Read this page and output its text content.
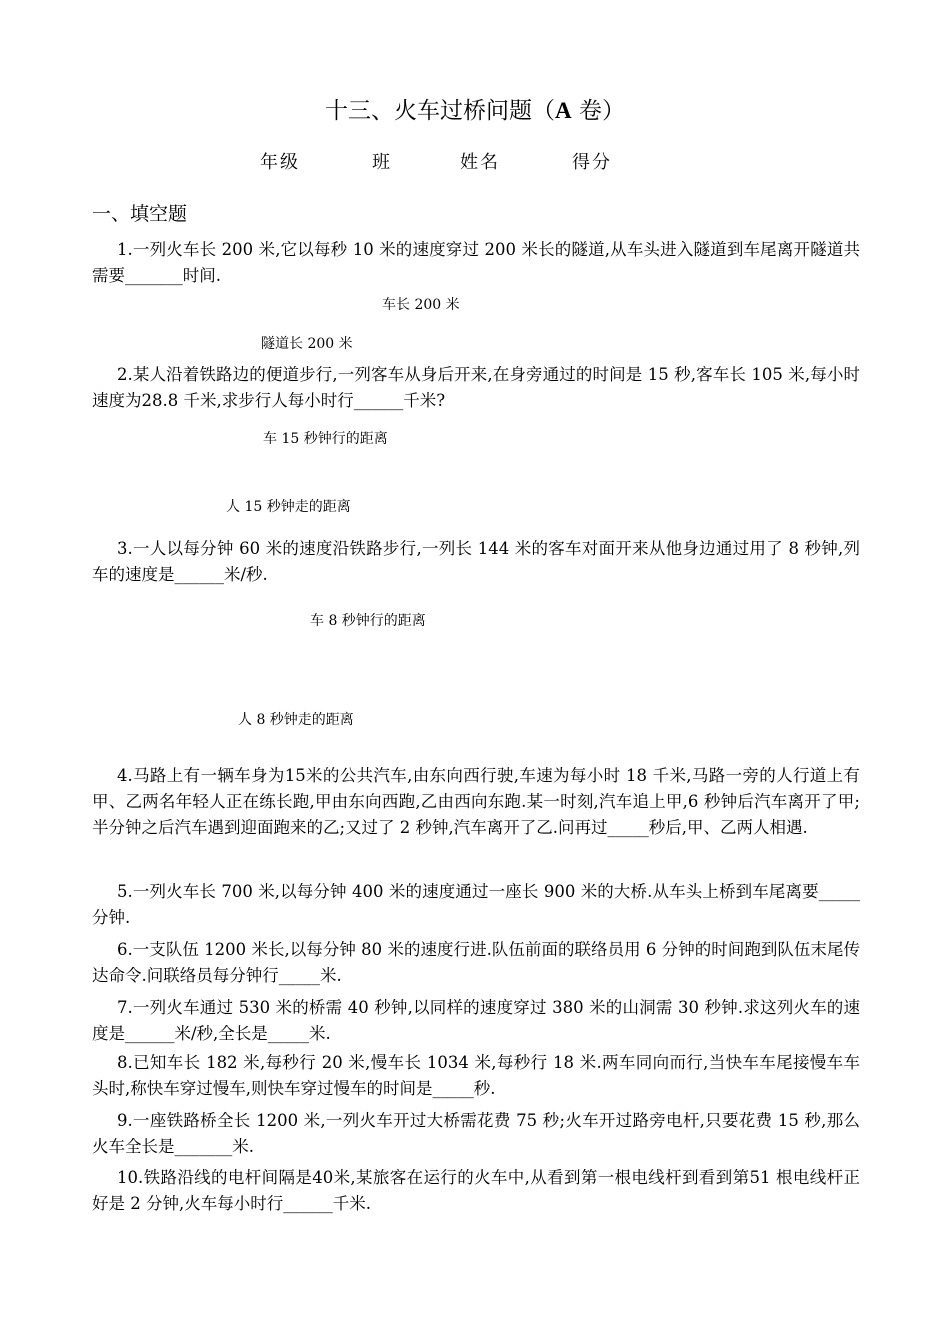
十三、火车过桥问题（A 卷）
年级	班	姓名	得分
一、填空题
1.一列火车长 200 米,它以每秒 10 米的速度穿过 200 米长的隧道,从车头进入隧道到车尾离开隧道共需要_______时间.
车长 200 米
隧道长 200 米
2.某人沿着铁路边的便道步行,一列客车从身后开来,在身旁通过的时间是 15 秒,客车长 105 米,每小时速度为28.8 千米,求步行人每小时行______千米?
车 15 秒钟行的距离
人 15 秒钟走的距离
3.一人以每分钟 60 米的速度沿铁路步行,一列长 144 米的客车对面开来从他身边通过用了 8 秒钟,列车的速度是______米/秒.
车 8 秒钟行的距离
人 8 秒钟走的距离
4.马路上有一辆车身为15米的公共汽车,由东向西行驶,车速为每小时 18 千米,马路一旁的人行道上有甲、乙两名年轻人正在练长跑,甲由东向西跑,乙由西向东跑.某一时刻,汽车追上甲,6 秒钟后汽车离开了甲;半分钟之后汽车遇到迎面跑来的乙;又过了 2 秒钟,汽车离开了乙.问再过_____秒后,甲、乙两人相遇.
5.一列火车长 700 米,以每分钟 400 米的速度通过一座长 900 米的大桥.从车头上桥到车尾离要_____分钟.
6.一支队伍 1200 米长,以每分钟 80 米的速度行进.队伍前面的联络员用 6 分钟的时间跑到队伍末尾传达命令.问联络员每分钟行_____米.
7.一列火车通过 530 米的桥需 40 秒钟,以同样的速度穿过 380 米的山洞需 30 秒钟.求这列火车的速度是______米/秒,全长是_____米.
8.已知车长 182 米,每秒行 20 米,慢车长 1034 米,每秒行 18 米.两车同向而行,当快车车尾接慢车车头时,称快车穿过慢车,则快车穿过慢车的时间是_____秒.
9.一座铁路桥全长 1200 米,一列火车开过大桥需花费 75 秒;火车开过路旁电杆,只要花费 15 秒,那么火车全长是_______米.
10.铁路沿线的电杆间隔是40米,某旅客在运行的火车中,从看到第一根电线杆到看到第51 根电线杆正好是 2 分钟,火车每小时行______千米.
